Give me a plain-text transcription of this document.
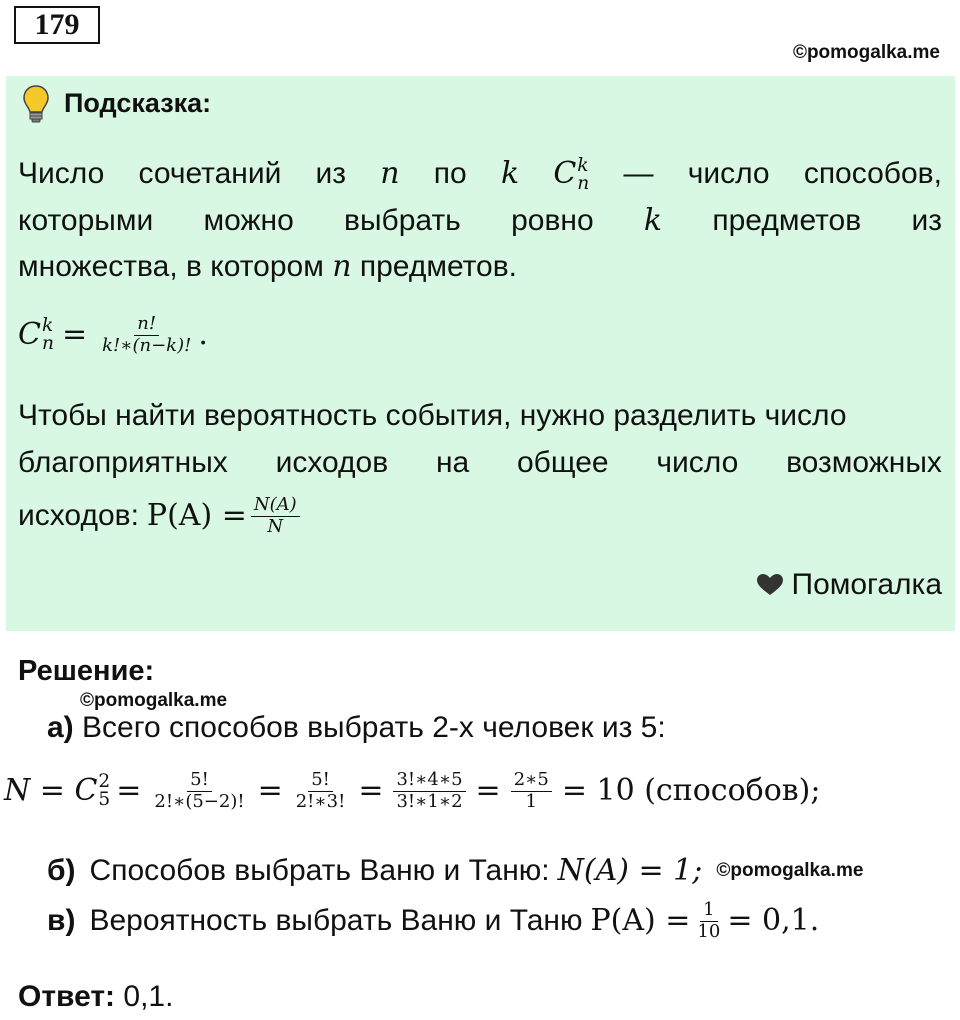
179
©pomogalka.me
Подсказка:
Число сочетаний из n по k C k
n — число способов,
которыми можно выбрать ровно k предметов из
множества, в котором n предметов.
C k
$n = \frac{n!}{k!∗(n-k)!}$ .
Чтобы найти вероятность события, нужно разделить число
благоприятных исходов на общее число возможных
исходов: $P(A) = \frac{N(A)}{N}$
Помогалка
Решение:
©pomogalka.me
а) Всего способов выбрать 2-х человек из 5:
N = C 2
$5 = \frac{5!}{2!∗(5-2)!} = \frac{5!}{2!∗3!} = \frac{3!∗4∗5}{3!∗1∗2} = \frac{2∗5}{1} = 10$ (способов);
б) Способов выбрать Ваню и Таню: N(A) = 1; ©pomogalka.me
в) Вероятность выбрать Ваню и Таню $P(A) = \frac{1}{10} = 0,1$.
Ответ: 0,1.
